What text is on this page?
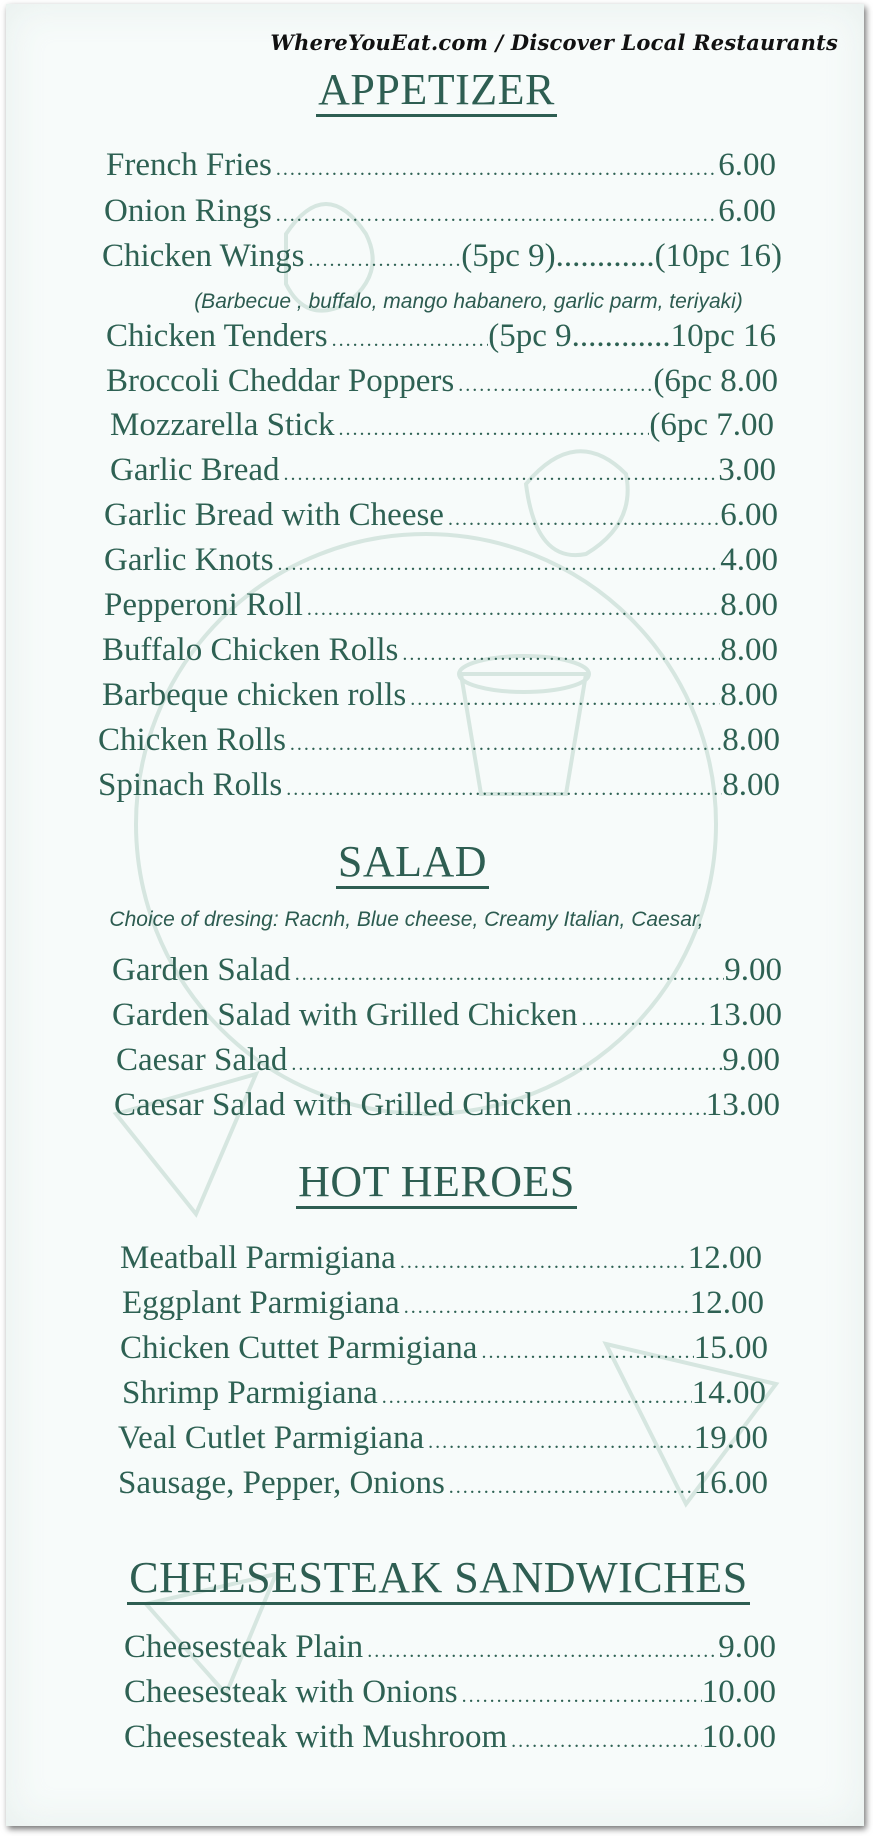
WhereYouEat.com / Discover Local Restaurants
APPETIZER
French Fries .....	6.00
Onion Rings .....	6.00
Chicken Wings .....	(5pc 9)............(10pc 16)
(Barbecue , buffalo, mango habanero, garlic parm, teriyaki)
Chicken Tenders .....	(5pc 9............10pc 16
Broccoli Cheddar Poppers .....	(6pc 8.00
Mozzarella Stick .....	(6pc 7.00
Garlic Bread .....	3.00
Garlic Bread with Cheese .....	6.00
Garlic Knots .....	4.00
Pepperoni Roll .....	8.00
Buffalo Chicken Rolls .....	8.00
Barbeque chicken rolls .....	8.00
Chicken Rolls .....	8.00
Spinach Rolls .....	8.00
SALAD
Choice of dresing: Racnh, Blue cheese, Creamy Italian, Caesar,
Garden Salad .....	9.00
Garden Salad with Grilled Chicken .....	13.00
Caesar Salad .....	9.00
Caesar Salad with Grilled Chicken .....	13.00
HOT HEROES
Meatball Parmigiana .....	12.00
Eggplant Parmigiana .....	12.00
Chicken Cuttet Parmigiana .....	15.00
Shrimp Parmigiana .....	14.00
Veal Cutlet Parmigiana .....	19.00
Sausage, Pepper, Onions .....	16.00
CHEESESTEAK SANDWICHES
Cheesesteak Plain .....	9.00
Cheesesteak with Onions .....	10.00
Cheesesteak with Mushroom .....	10.00
